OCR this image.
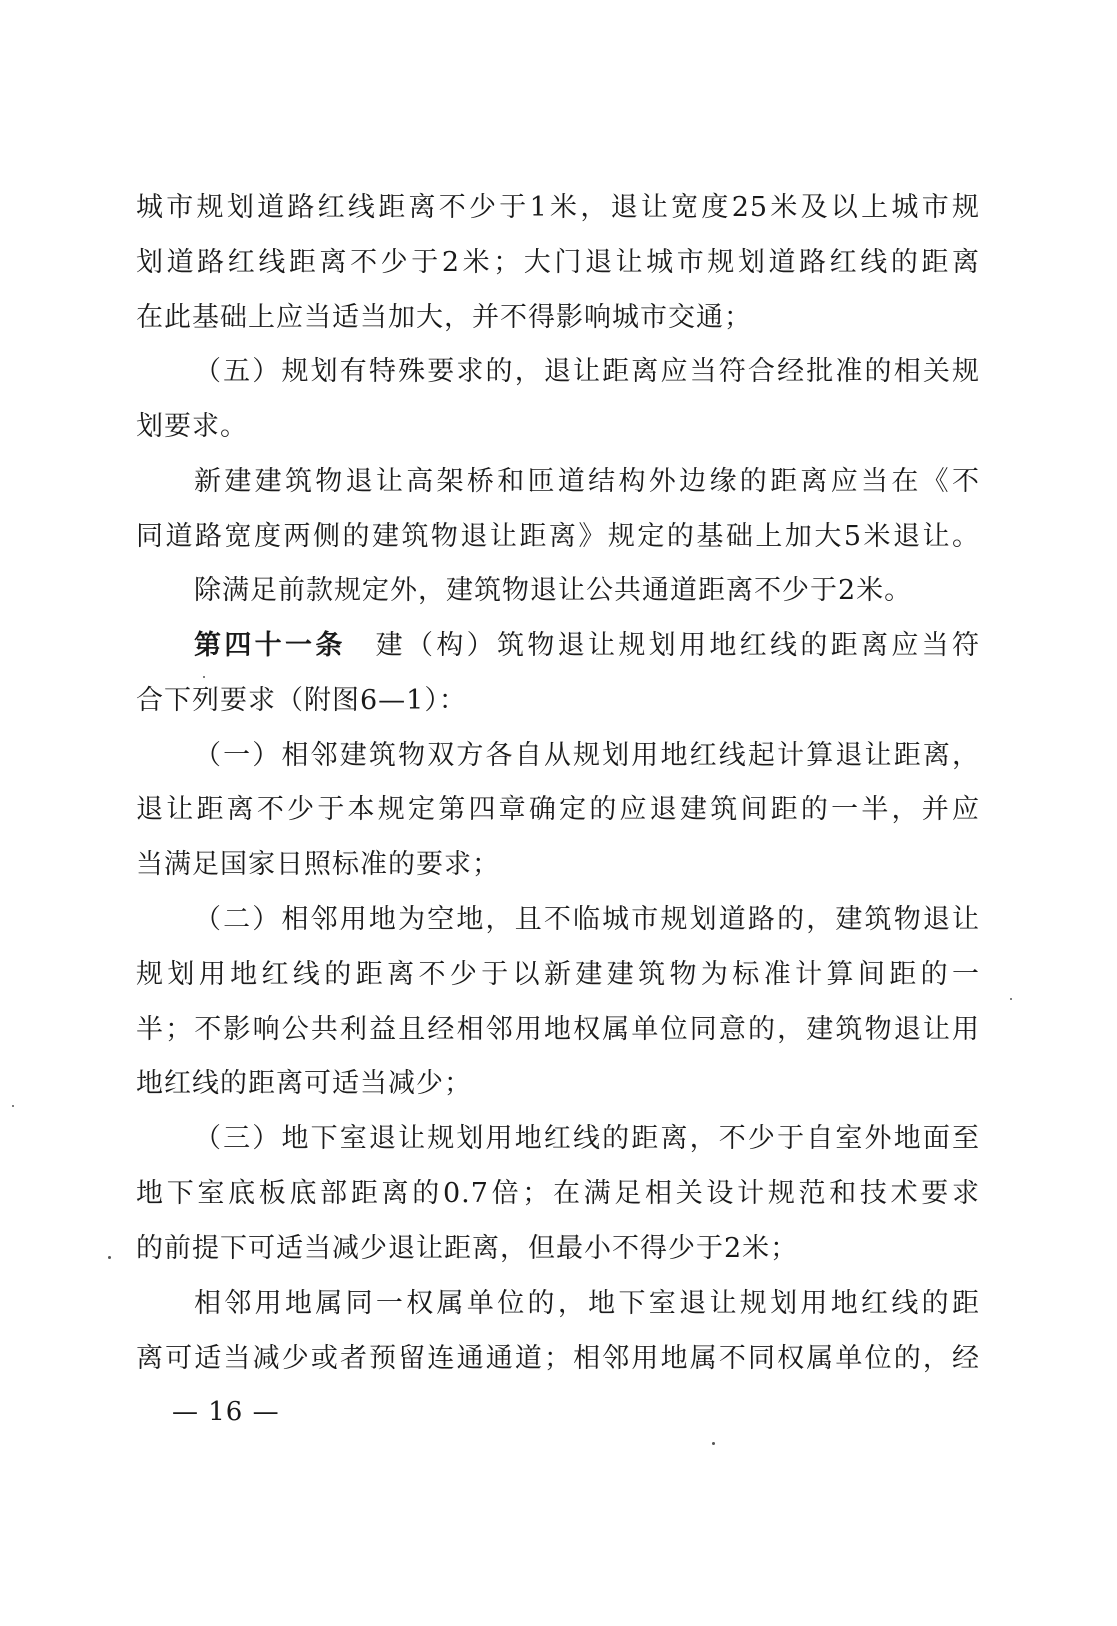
城市规划道路红线距离不少于1米，退让宽度25米及以上城市规
划道路红线距离不少于2米；大门退让城市规划道路红线的距离
在此基础上应当适当加大，并不得影响城市交通；
（五）规划有特殊要求的，退让距离应当符合经批准的相关规
划要求。
新建建筑物退让高架桥和匝道结构外边缘的距离应当在《不
同道路宽度两侧的建筑物退让距离》规定的基础上加大5米退让。
除满足前款规定外，建筑物退让公共通道距离不少于2米。
第四十一条 建（构）筑物退让规划用地红线的距离应当符
合下列要求（附图6—1）：
（一）相邻建筑物双方各自从规划用地红线起计算退让距离，
退让距离不少于本规定第四章确定的应退建筑间距的一半，并应
当满足国家日照标准的要求；
（二）相邻用地为空地，且不临城市规划道路的，建筑物退让
规划用地红线的距离不少于以新建建筑物为标准计算间距的一
半；不影响公共利益且经相邻用地权属单位同意的，建筑物退让用
地红线的距离可适当减少；
（三）地下室退让规划用地红线的距离，不少于自室外地面至
地下室底板底部距离的0.7倍；在满足相关设计规范和技术要求
的前提下可适当减少退让距离，但最小不得少于2米；
相邻用地属同一权属单位的，地下室退让规划用地红线的距
离可适当减少或者预留连通通道；相邻用地属不同权属单位的，经
— 16 —
